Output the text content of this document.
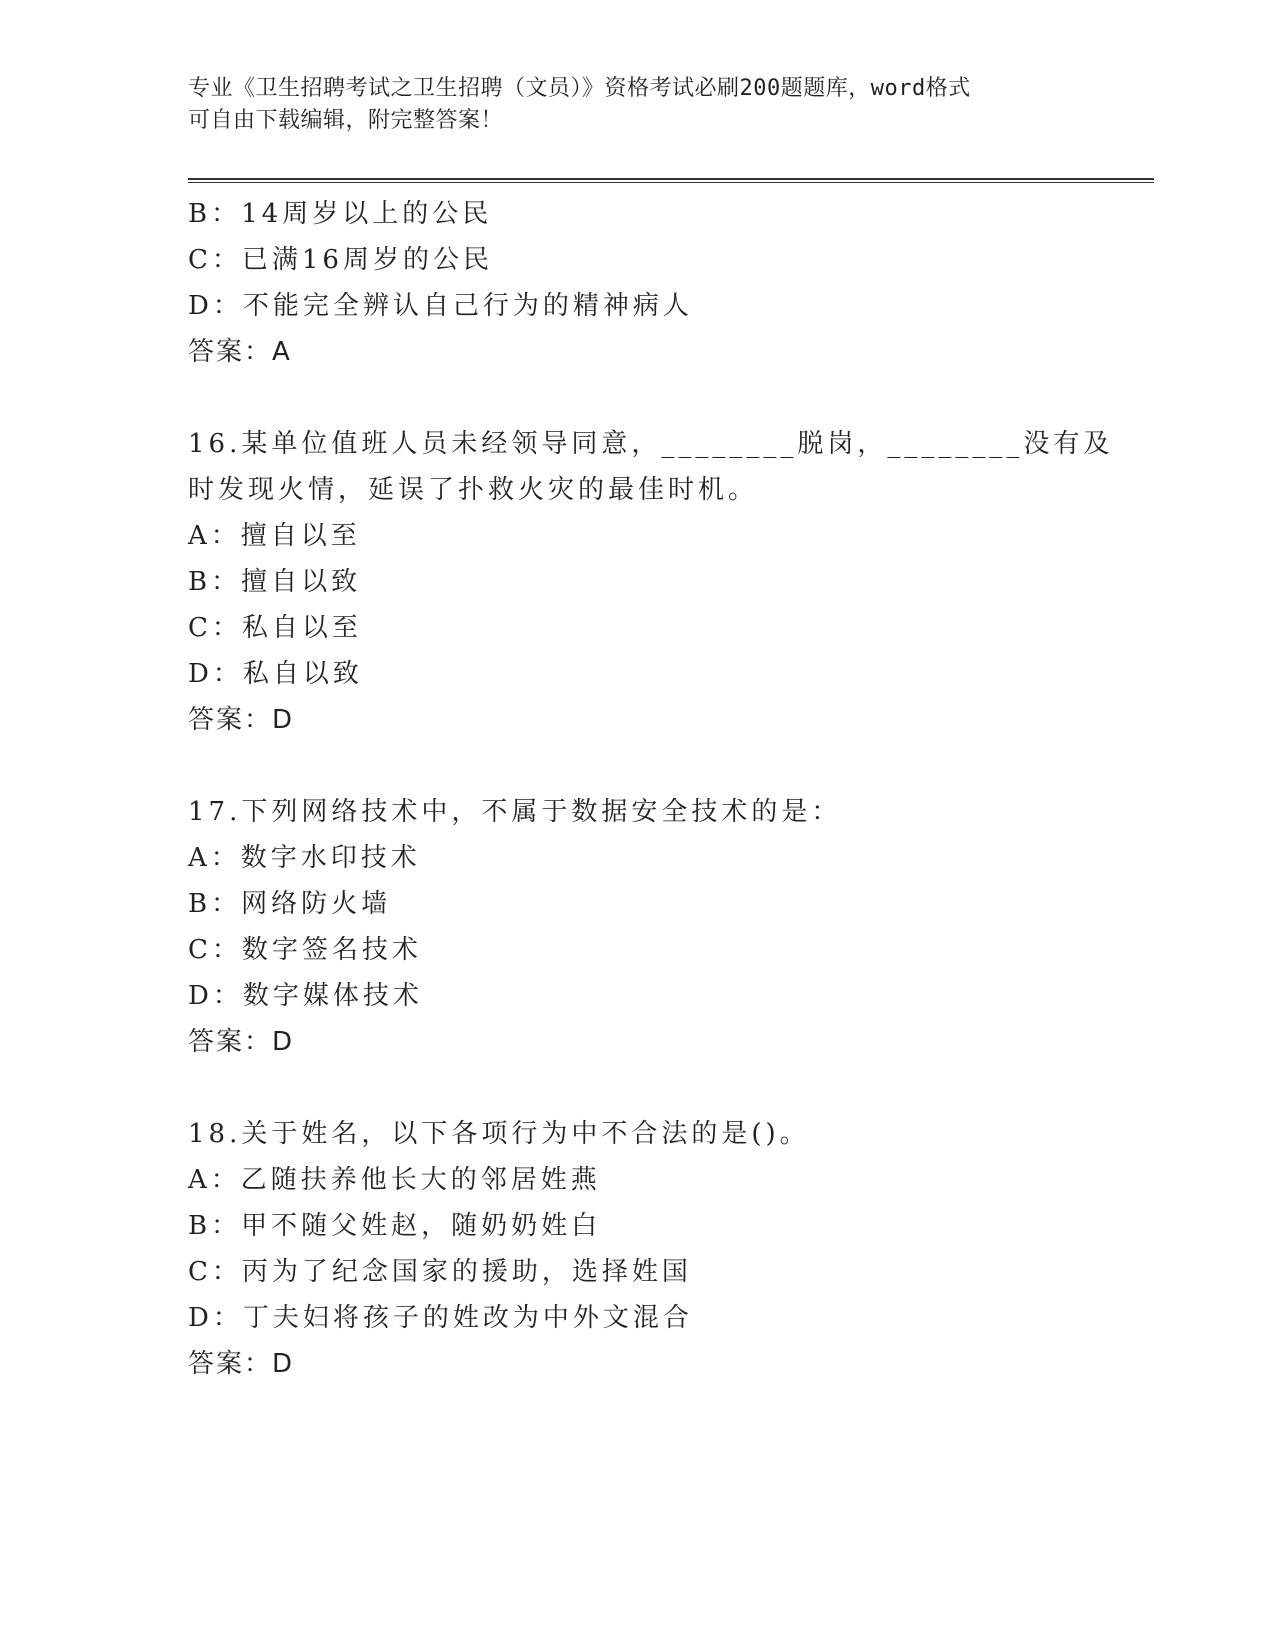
专业《卫生招聘考试之卫生招聘（文员）》资格考试必刷200题题库，word格式
可自由下载编辑，附完整答案！
B：14周岁以上的公民
C：已满16周岁的公民
D：不能完全辨认自己行为的精神病人
答案：A
16.某单位值班人员未经领导同意，________脱岗，________没有及时发现火情，延误了扑救火灾的最佳时机。
A：擅自以至
B：擅自以致
C：私自以至
D：私自以致
答案：D
17.下列网络技术中，不属于数据安全技术的是：
A：数字水印技术
B：网络防火墙
C：数字签名技术
D：数字媒体技术
答案：D
18.关于姓名，以下各项行为中不合法的是()。
A：乙随扶养他长大的邻居姓燕
B：甲不随父姓赵，随奶奶姓白
C：丙为了纪念国家的援助，选择姓国
D：丁夫妇将孩子的姓改为中外文混合
答案：D
